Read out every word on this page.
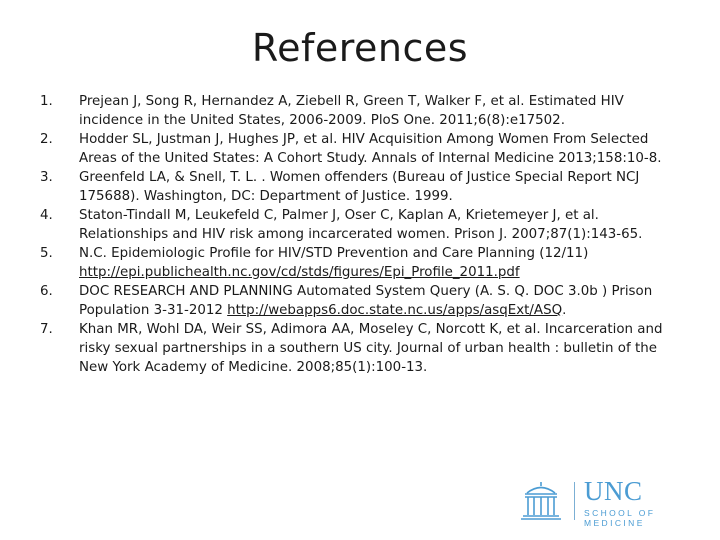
References
1.	Prejean J, Song R, Hernandez A, Ziebell R, Green T, Walker F, et al. Estimated HIV incidence in the United States, 2006-2009. PloS One. 2011;6(8):e17502.
2.	Hodder SL, Justman J, Hughes JP, et al. HIV Acquisition Among Women From Selected Areas of the United States: A Cohort Study. Annals of Internal Medicine 2013;158:10-8.
3.	Greenfeld LA, & Snell, T. L. . Women offenders (Bureau of Justice Special Report NCJ 175688). Washington, DC: Department of Justice. 1999.
4.	Staton-Tindall M, Leukefeld C, Palmer J, Oser C, Kaplan A, Krietemeyer J, et al. Relationships and HIV risk among incarcerated women. Prison J. 2007;87(1):143-65.
5.	N.C. Epidemiologic Profile for HIV/STD Prevention and Care Planning (12/11) http://epi.publichealth.nc.gov/cd/stds/figures/Epi_Profile_2011.pdf
6.	DOC RESEARCH AND PLANNING Automated System Query (A. S. Q. DOC 3.0b ) Prison Population 3-31-2012 http://webapps6.doc.state.nc.us/apps/asqExt/ASQ.
7.	Khan MR, Wohl DA, Weir SS, Adimora AA, Moseley C, Norcott K, et al. Incarceration and risky sexual partnerships in a southern US city. Journal of urban health : bulletin of the New York Academy of Medicine. 2008;85(1):100-13.
UNC
SCHOOL OF MEDICINE
